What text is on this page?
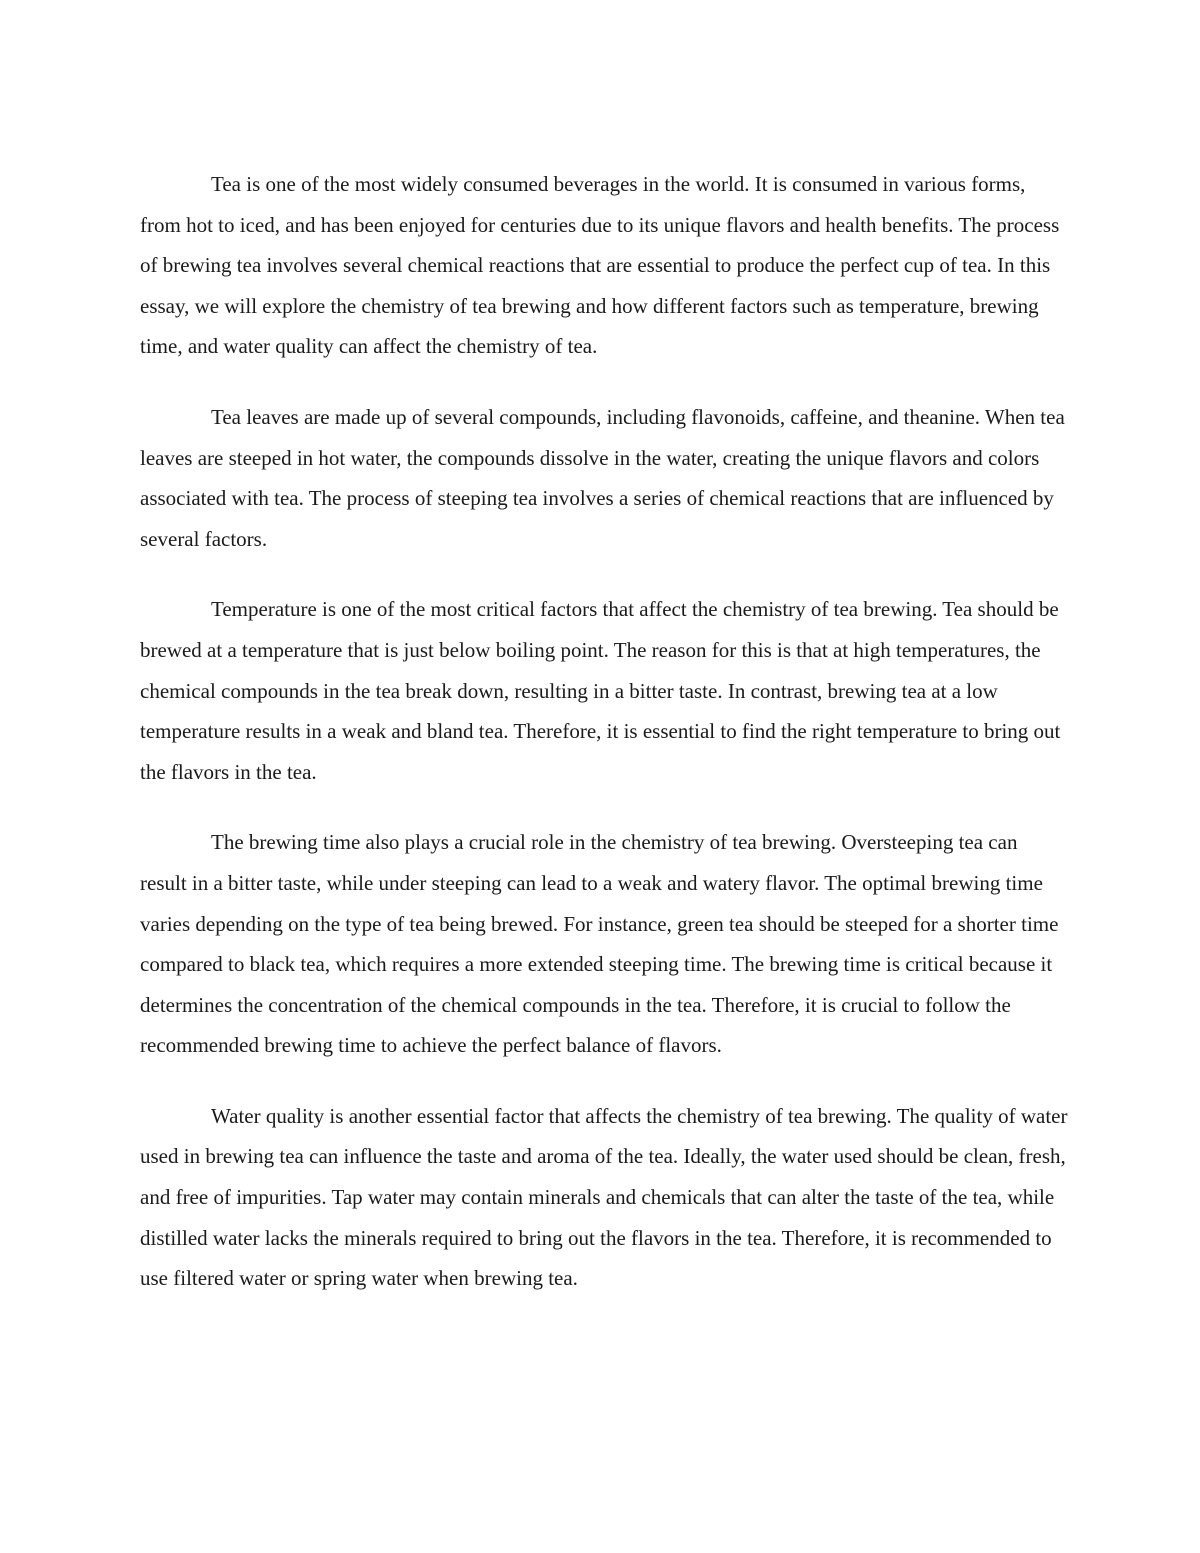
Tea is one of the most widely consumed beverages in the world. It is consumed in various forms, from hot to iced, and has been enjoyed for centuries due to its unique flavors and health benefits. The process of brewing tea involves several chemical reactions that are essential to produce the perfect cup of tea. In this essay, we will explore the chemistry of tea brewing and how different factors such as temperature, brewing time, and water quality can affect the chemistry of tea.

Tea leaves are made up of several compounds, including flavonoids, caffeine, and theanine. When tea leaves are steeped in hot water, the compounds dissolve in the water, creating the unique flavors and colors associated with tea. The process of steeping tea involves a series of chemical reactions that are influenced by several factors.

Temperature is one of the most critical factors that affect the chemistry of tea brewing. Tea should be brewed at a temperature that is just below boiling point. The reason for this is that at high temperatures, the chemical compounds in the tea break down, resulting in a bitter taste. In contrast, brewing tea at a low temperature results in a weak and bland tea. Therefore, it is essential to find the right temperature to bring out the flavors in the tea.

The brewing time also plays a crucial role in the chemistry of tea brewing. Oversteeping tea can result in a bitter taste, while under steeping can lead to a weak and watery flavor. The optimal brewing time varies depending on the type of tea being brewed. For instance, green tea should be steeped for a shorter time compared to black tea, which requires a more extended steeping time. The brewing time is critical because it determines the concentration of the chemical compounds in the tea. Therefore, it is crucial to follow the recommended brewing time to achieve the perfect balance of flavors.

Water quality is another essential factor that affects the chemistry of tea brewing. The quality of water used in brewing tea can influence the taste and aroma of the tea. Ideally, the water used should be clean, fresh, and free of impurities. Tap water may contain minerals and chemicals that can alter the taste of the tea, while distilled water lacks the minerals required to bring out the flavors in the tea. Therefore, it is recommended to use filtered water or spring water when brewing tea.
